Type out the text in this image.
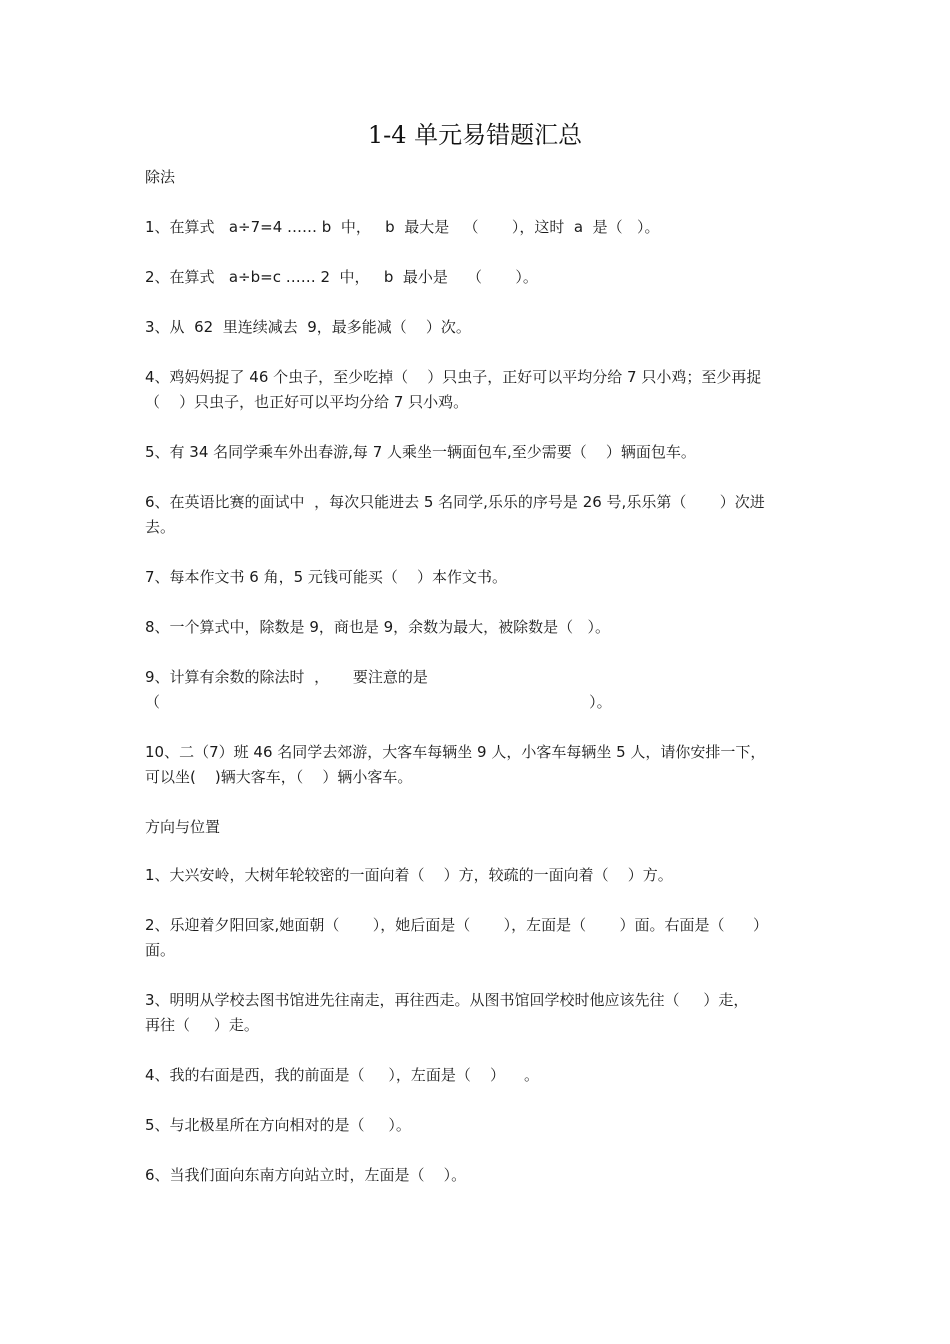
1-4 单元易错题汇总
除法
1、在算式   a÷7=4 …… b  中，   b  最大是   （       ），这时  a  是（   ）。
2、在算式   a÷b=c …… 2  中，   b  最小是    （       ）。
3、从  62  里连续减去  9，最多能减（    ）次。
4、鸡妈妈捉了 46 个虫子，至少吃掉（    ）只虫子，正好可以平均分给 7 只小鸡；至少再捉
（    ）只虫子，也正好可以平均分给 7 只小鸡。
5、有 34 名同学乘车外出春游,每 7 人乘坐一辆面包车,至少需要（    ）辆面包车。
6、在英语比赛的面试中  ，每次只能进去 5 名同学,乐乐的序号是 26 号,乐乐第（       ）次进
去。
7、每本作文书 6 角，5 元钱可能买（    ）本作文书。
8、一个算式中，除数是 9，商也是 9，余数为最大，被除数是（   ）。
9、计算有余数的除法时  ，     要注意的是
（                                                                                          ）。
10、二（7）班 46 名同学去郊游，大客车每辆坐 9 人，小客车每辆坐 5 人，请你安排一下，
可以坐(    )辆大客车，（    ）辆小客车。
方向与位置
1、大兴安岭，大树年轮较密的一面向着（    ）方，较疏的一面向着（    ）方。
2、乐迎着夕阳回家,她面朝（       ），她后面是（       ），左面是（       ）面。右面是（      ）
面。
3、明明从学校去图书馆进先往南走，再往西走。从图书馆回学校时他应该先往（     ）走，
再往（     ）走。
4、我的右面是西，我的前面是（     ），左面是（    ）    。
5、与北极星所在方向相对的是（     ）。
6、当我们面向东南方向站立时，左面是（    ）。
